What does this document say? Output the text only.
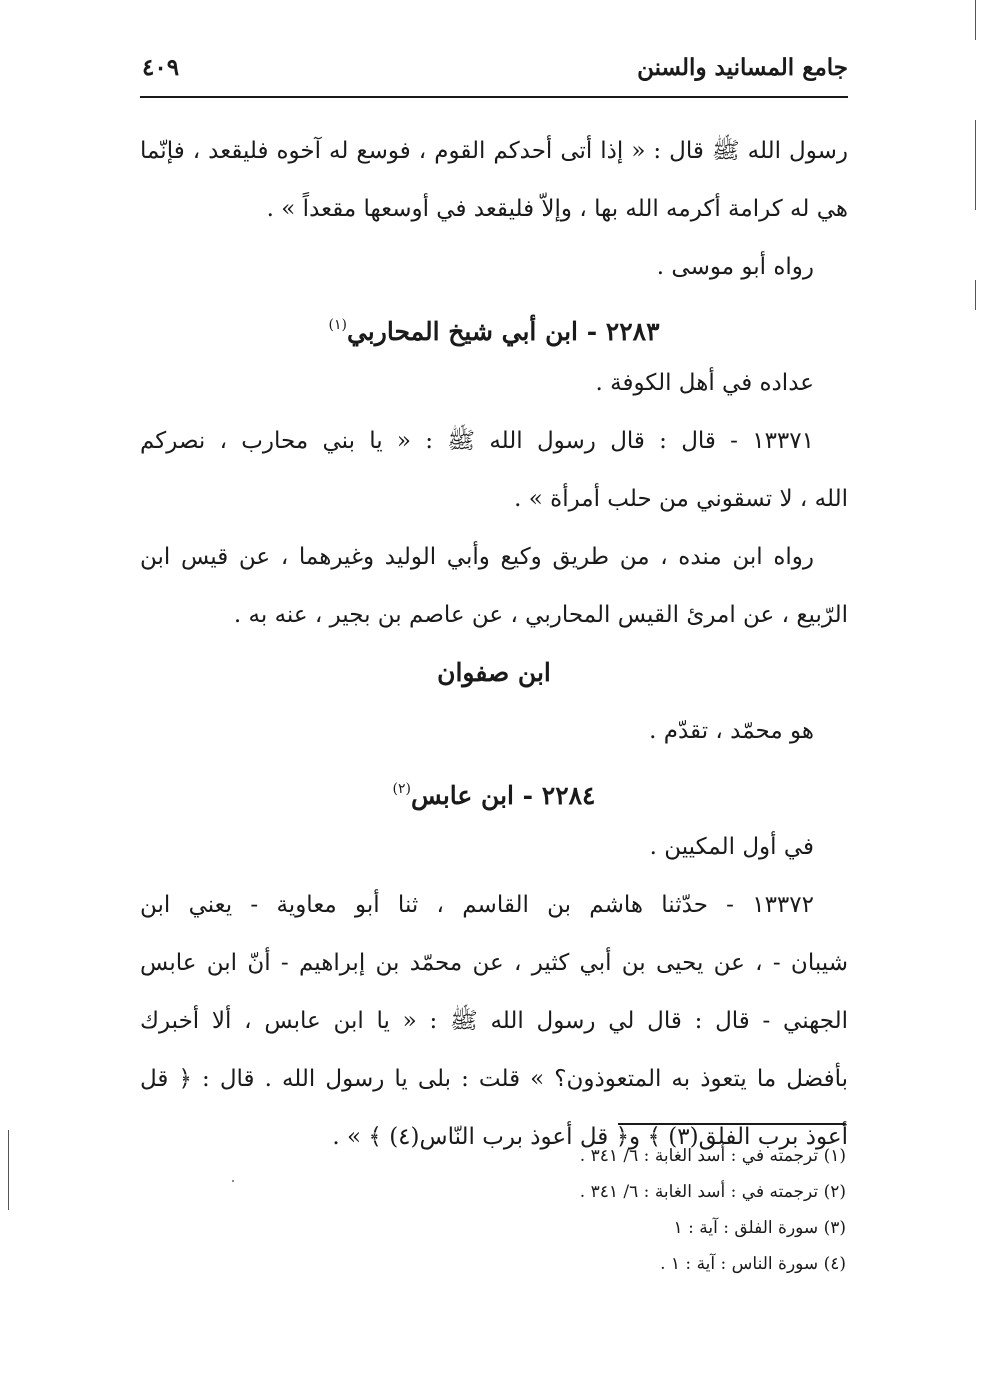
جامع المسانيد والسنن
٤٠٩
رسول الله ﷺ قال : « إذا أتى أحدكم القوم ، فوسع له آخوه فليقعد ، فإنّما
هي له كرامة أكرمه الله بها ، وإلاّ فليقعد في أوسعها مقعداً » .
رواه أبو موسى .
٢٢٨٣ - ابن أبي شيخ المحاربي$^{(١)}$
عداده في أهل الكوفة .
١٣٣٧١ - قال : قال رسول الله ﷺ : « يا بني محارب ، نصركم
الله ، لا تسقوني من حلب أمرأة » .
رواه ابن منده ، من طريق وكيع وأبي الوليد وغيرهما ، عن قيس ابن
الرّبيع ، عن امرئ القيس المحاربي ، عن عاصم بن بجير ، عنه به .
ابن صفوان
هو محمّد ، تقدّم .
٢٢٨٤ - ابن عابس$^{(٢)}$
في أول المكيين .
١٣٣٧٢ - حدّثنا هاشم بن القاسم ، ثنا أبو معاوية - يعني ابن
شيبان - ، عن يحيى بن أبي كثير ، عن محمّد بن إبراهيم - أنّ ابن عابس
الجهني - قال : قال لي رسول الله ﷺ : « يا ابن عابس ، ألا أخبرك
بأفضل ما يتعوذ به المتعوذون؟ » قلت : بلى يا رسول الله . قال : ﴿ قل
أعوذ برب الفلق(٣) ﴾ و﴿ قل أعوذ برب النّاس(٤) ﴾ » .
(١) ترجمته في : أسد الغابة : ٦/ ٣٤١ .
(٢) ترجمته في : أسد الغابة : ٦/ ٣٤١ .
(٣) سورة الفلق : آية : ١
(٤) سورة الناس : آية : ١ .
